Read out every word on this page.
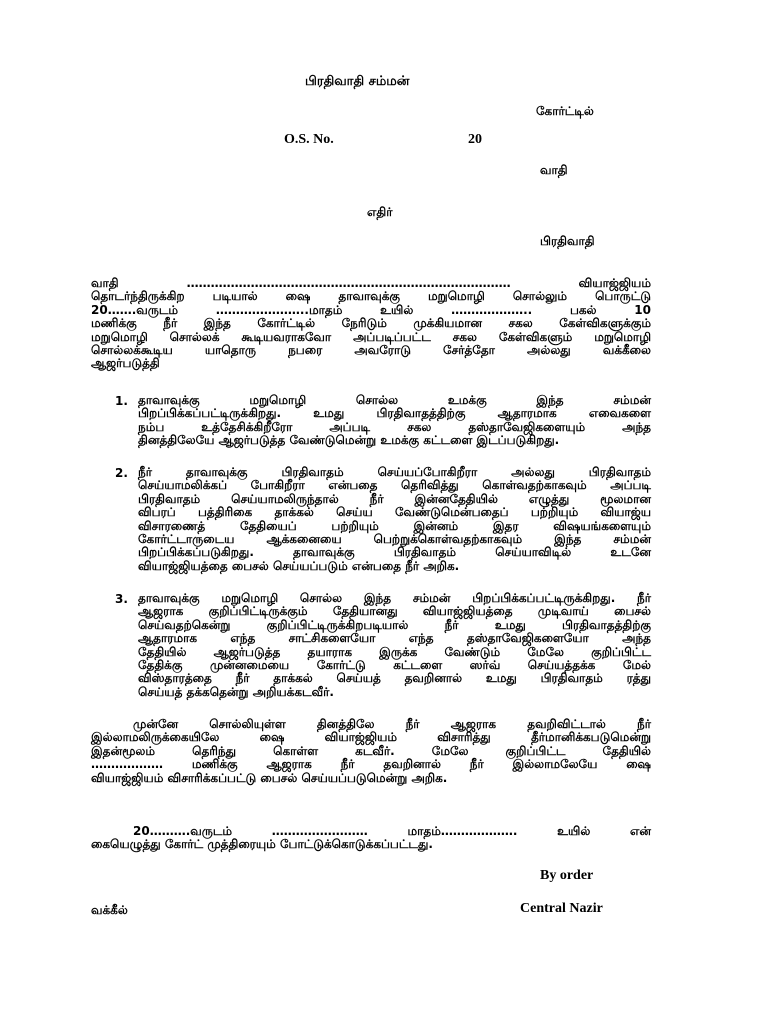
பிரதிவாதி சம்மன்
கோர்ட்டில்
O.S. No.	20
வாதி
எதிர்
பிரதிவாதி
வாதி ……………………………………………………………………… வியாஜ்ஜியம்
தொடர்ந்திருக்கிற படியால் ஷை தாவாவுக்கு மறுமொழி சொல்லும் பொருட்டு
20…….வருடம் …………………..மாதம் உயில் ……………….. பகல் 10
மணிக்கு நீர் இந்த கோர்ட்டில் நேரிடும் முக்கியமான சகல கேள்விகளுக்கும்
மறுமொழி சொல்லக் கூடியவராகவோ அப்படிப்பட்ட சகல கேள்விகளும் மறுமொழி
சொல்லக்கூடிய யாதொரு நபரை அவரோடு சேர்த்தோ அல்லது வக்கீலை
ஆஜர்படுத்தி
1. தாவாவுக்கு மறுமொழி சொல்ல உமக்கு இந்த சம்மன்
பிறப்பிக்கப்பட்டிருக்கிறது. உமது பிரதிவாதத்திற்கு ஆதாரமாக எவைகளை
நம்ப உத்தேசிக்கிறீரோ அப்படி சகல தஸ்தாவேஜிகளையும் அந்த
தினத்திலேயே ஆஜர்படுத்த வேண்டுமென்று உமக்கு கட்டளை இடப்படுகிறது.
2. நீர் தாவாவுக்கு பிரதிவாதம் செய்யப்போகிறீரா அல்லது பிரதிவாதம்
செய்யாமலிக்கப் போகிறீரா என்பதை தெரிவித்து கொள்வதற்காகவும் அப்படி
பிரதிவாதம் செய்யாமலிருந்தால் நீர் இன்னதேதியில் எழுத்து மூலமான
விபரப் பத்திரிகை தாக்கல் செய்ய வேண்டுமென்பதைப் பற்றியும் வியாஜ்ய
விசாரணைத் தேதியைப் பற்றியும் இன்னம் இதர விஷயங்களையும்
கோர்ட்டாருடைய ஆக்கனையை பெற்றுக்கொள்வதற்காகவும் இந்த சம்மன்
பிறப்பிக்கப்படுகிறது. தாவாவுக்கு பிரதிவாதம் செய்யாவிடில் உடனே
வியாஜ்ஜியத்தை பைசல் செய்யப்படும் என்பதை நீர் அறிக.
3. தாவாவுக்கு மறுமொழி சொல்ல இந்த சம்மன் பிறப்பிக்கப்பட்டிருக்கிறது. நீர்
ஆஜராக குறிப்பிட்டிருக்கும் தேதியானது வியாஜ்ஜியத்தை முடிவாய் பைசல்
செய்வதற்கென்று குறிப்பிட்டிருக்கிறபடியால் நீர் உமது பிரதிவாதத்திற்கு
ஆதாரமாக எந்த சாட்சிகளையோ எந்த தஸ்தாவேஜிகளையோ அந்த
தேதியில் ஆஜர்படுத்த தயாராக இருக்க வேண்டும் மேலே குறிப்பிட்ட
தேதிக்கு முன்னமையை கோர்ட்டு கட்டளை ஸர்வ் செய்யத்தக்க மேல்
விஸ்தாரத்தை நீர் தாக்கல் செய்யத் தவறினால் உமது பிரதிவாதம் ரத்து
செய்யத் தக்கதென்று அறியக்கடவீர்.
முன்னே சொல்லியுள்ள தினத்திலே நீர் ஆஜராக தவறிவிட்டால் நீர்
இல்லாமலிருக்கையிலே ஷை வியாஜ்ஜியம் விசாரித்து தீர்மானிக்கபடுமென்று
இதன்மூலம் தெரிந்து கொள்ள கடவீர். மேலே குறிப்பிட்ட தேதியில்
……………… மணிக்கு ஆஜராக நீர் தவறினால் நீர் இல்லாமலேயே ஷை
வியாஜ்ஜியம் விசாரிக்கப்பட்டு பைசல் செய்யப்படுமென்று அறிக.
20……….வருடம் …………………… மாதம்………………. உயில் என்
கையெழுத்து கோர்ட் முத்திரையும் போட்டுக்கொடுக்கப்பட்டது.
By order
வக்கீல்	Central Nazir
